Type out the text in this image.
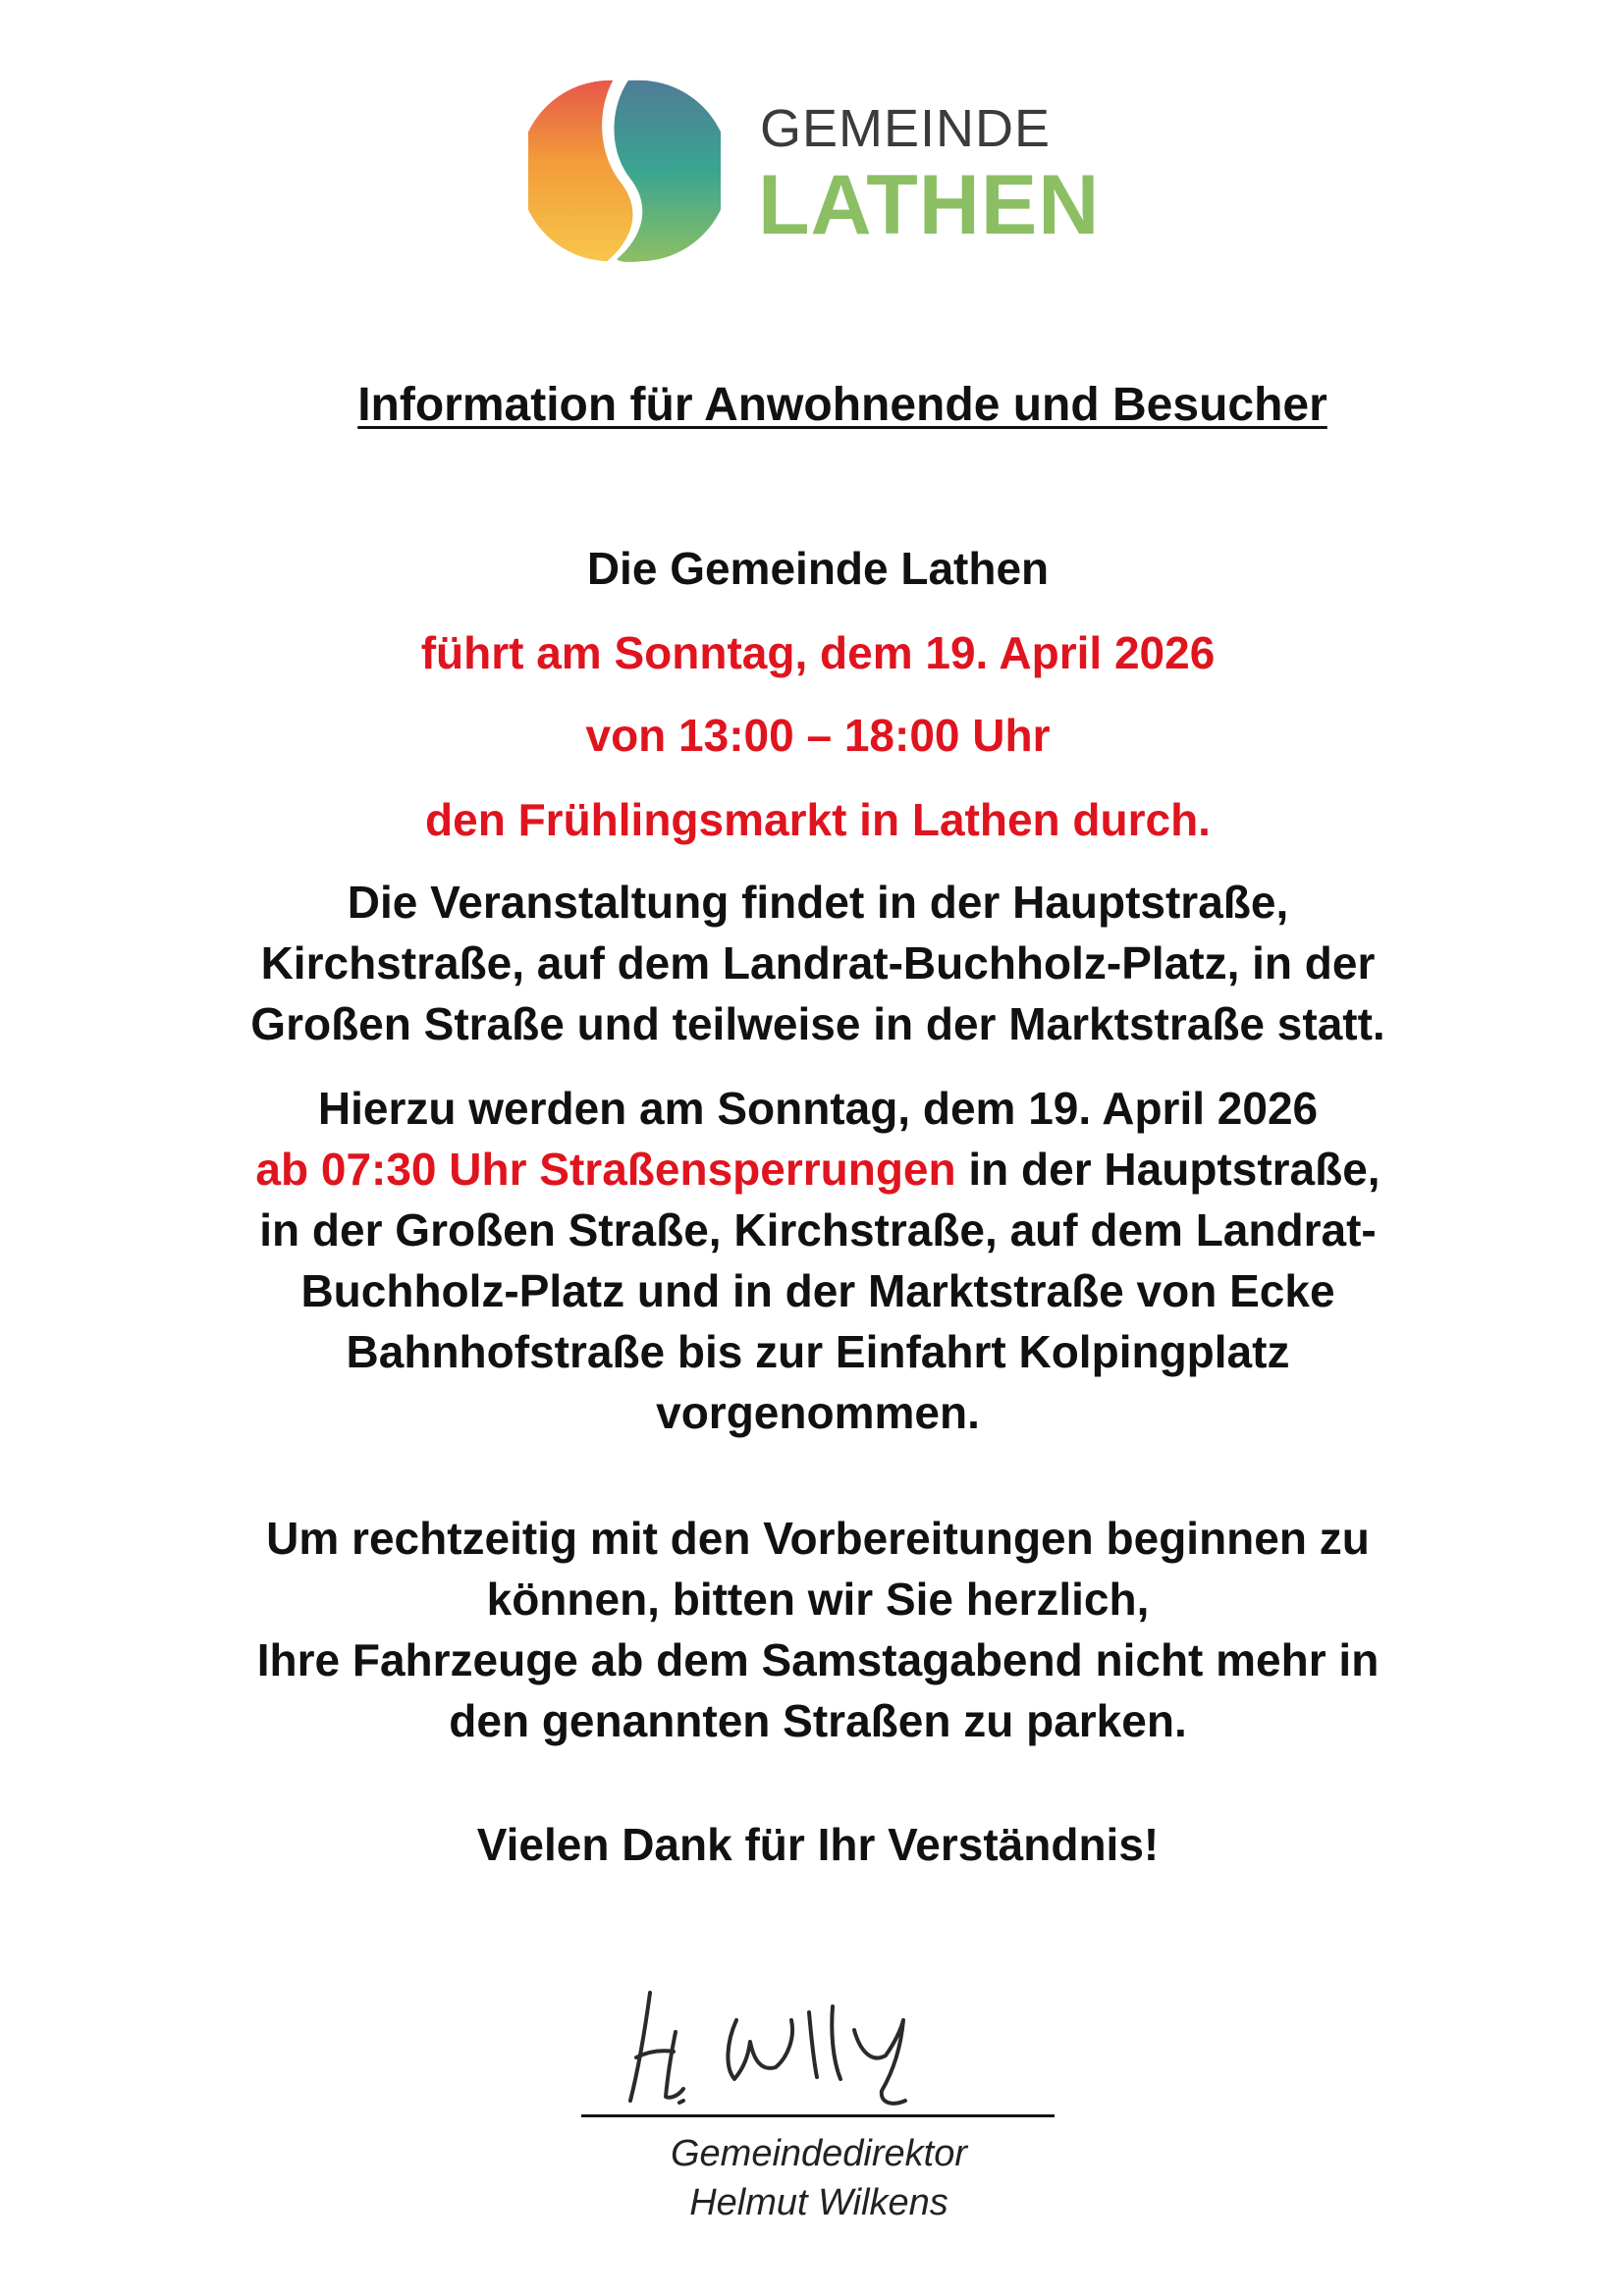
GEMEINDE
LATHEN
Information für Anwohnende und Besucher
Die Gemeinde Lathen
führt am Sonntag, dem 19. April 2026
von 13:00 – 18:00 Uhr
den Frühlingsmarkt in Lathen durch.
Die Veranstaltung findet in der Hauptstraße,
Kirchstraße, auf dem Landrat-Buchholz-Platz, in der
Großen Straße und teilweise in der Marktstraße statt.
Hierzu werden am Sonntag, dem 19. April 2026
ab 07:30 Uhr Straßensperrungen in der Hauptstraße,
in der Großen Straße, Kirchstraße, auf dem Landrat-
Buchholz-Platz und in der Marktstraße von Ecke
Bahnhofstraße bis zur Einfahrt Kolpingplatz
vorgenommen.
Um rechtzeitig mit den Vorbereitungen beginnen zu
können, bitten wir Sie herzlich,
Ihre Fahrzeuge ab dem Samstagabend nicht mehr in
den genannten Straßen zu parken.
Vielen Dank für Ihr Verständnis!
Gemeindedirektor
Helmut Wilkens
